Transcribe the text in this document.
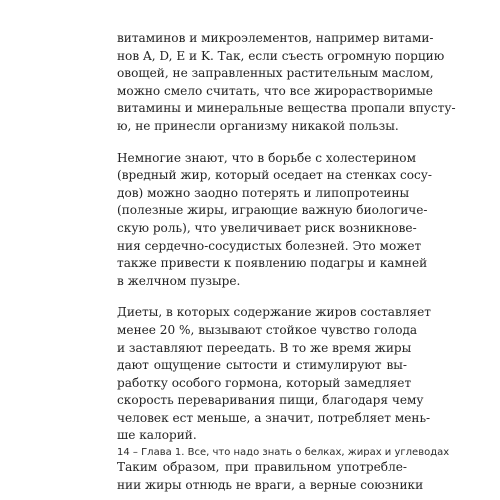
витаминов и микроэлементов, например витами-
нов A, D, E и K. Так, если съесть огромную порцию
овощей, не заправленных растительным маслом,
можно смело считать, что все жирорастворимые
витамины и минеральные вещества пропали впусту-
ю, не принесли организму никакой пользы.

Немногие знают, что в борьбе с холестерином
(вредный жир, который оседает на стенках сосу-
дов) можно заодно потерять и липопротеины
(полезные жиры, играющие важную биологиче-
скую роль), что увеличивает риск возникнове-
ния сердечно-сосудистых болезней. Это может
также привести к появлению подагры и камней
в желчном пузыре.

Диеты, в которых содержание жиров составляет
менее 20 %, вызывают стойкое чувство голода
и заставляют переедать. В то же время жиры
дают ощущение сытости и стимулируют вы-
работку особого гормона, который замедляет
скорость переваривания пищи, благодаря чему
человек ест меньше, а значит, потребляет мень-
ше калорий.

Таким образом, при правильном употребле-
нии жиры отнюдь не враги, а верные союзники

14 – Глава 1. Все, что надо знать о белках, жирах и углеводах
